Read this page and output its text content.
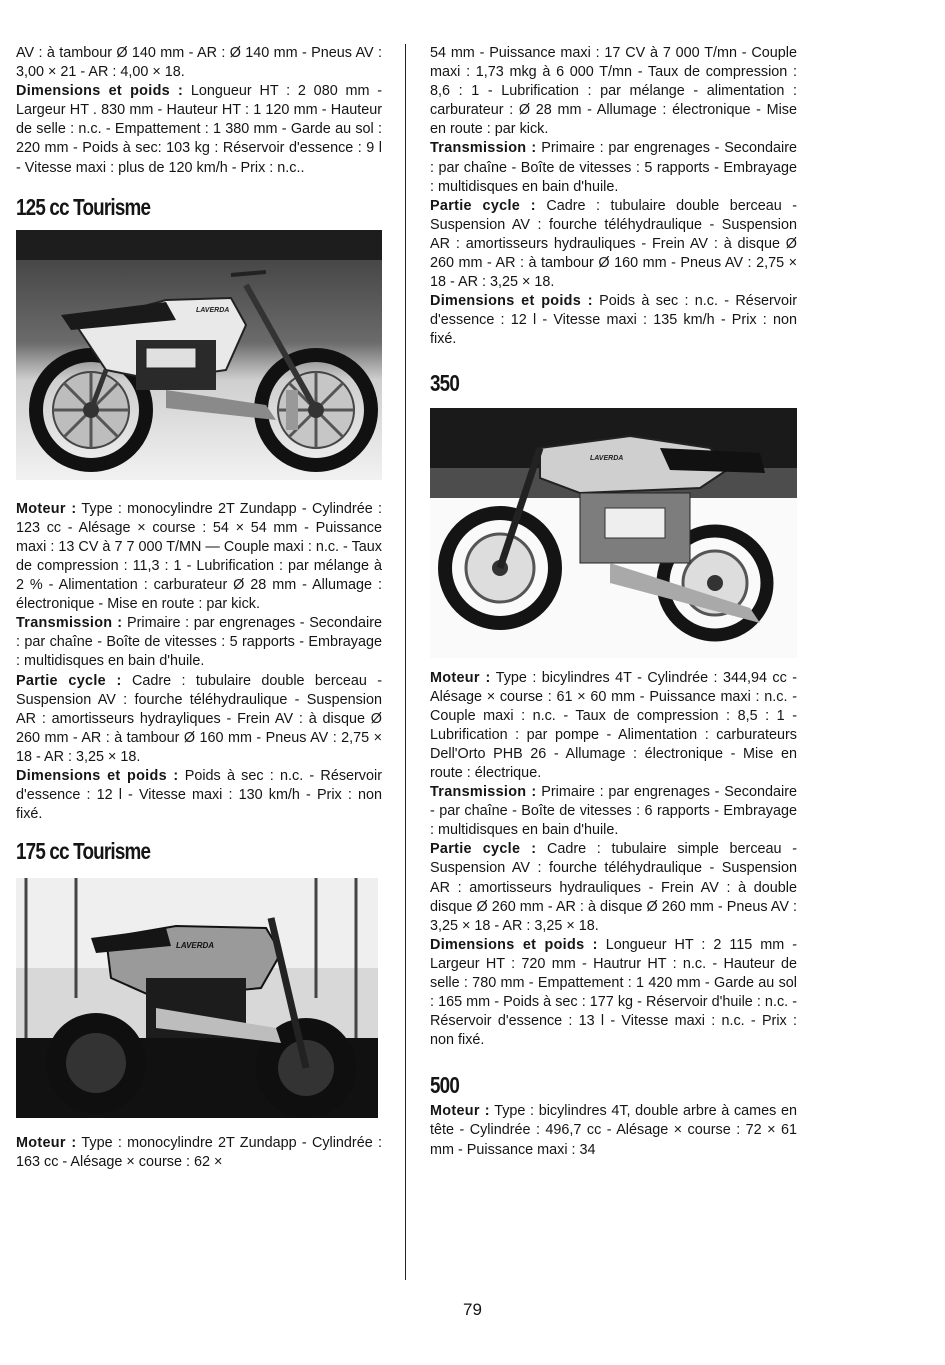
AV : à tambour Ø 140 mm - AR : Ø 140 mm - Pneus AV : 3,00 × 21 - AR : 4,00 × 18.
Dimensions et poids : Longueur HT : 2 080 mm - Largeur HT . 830 mm - Hauteur HT : 1 120 mm - Hauteur de selle : n.c. - Empattement : 1 380 mm - Garde au sol : 220 mm - Poids à sec: 103 kg : Réservoir d'essence : 9 l - Vitesse maxi : plus de 120 km/h - Prix : n.c..

125 cc Tourisme
LAVERDA

Moteur : Type : monocylindre 2T Zundapp - Cylindrée : 123 cc - Alésage × course : 54 × 54 mm - Puissance maxi : 13 CV à 7 7 000 T/MN — Couple maxi : n.c. - Taux de compression : 11,3 : 1 - Lubrification : par mélange à 2 % - Alimentation : carburateur Ø 28 mm - Allumage : électronique - Mise en route : par kick.

Transmission : Primaire : par engrenages - Secondaire : par chaîne - Boîte de vitesses : 5 rapports - Embrayage : multidisques en bain d'huile.

Partie cycle : Cadre : tubulaire double berceau - Suspension AV : fourche téléhydraulique - Suspension AR : amortisseurs hydrayliques - Frein AV : à disque Ø 260 mm - AR : à tambour Ø 160 mm - Pneus AV : 2,75 × 18 - AR : 3,25 × 18.

Dimensions et poids : Poids à sec : n.c. - Réservoir d'essence : 12 l - Vitesse maxi : 130 km/h - Prix : non fixé.

175 cc Tourisme
LAVERDA

Moteur : Type : monocylindre 2T Zundapp - Cylindrée : 163 cc - Alésage × course : 62 ×

54 mm - Puissance maxi : 17 CV à 7 000 T/mn - Couple maxi : 1,73 mkg à 6 000 T/mn - Taux de compression : 8,6 : 1 - Lubrification : par mélange - alimentation : carburateur : Ø 28 mm - Allumage : électronique - Mise en route : par kick.

Transmission : Primaire : par engrenages - Secondaire : par chaîne - Boîte de vitesses : 5 rapports - Embrayage : multidisques en bain d'huile.

Partie cycle : Cadre : tubulaire double berceau - Suspension AV : fourche téléhydraulique - Suspension AR : amortisseurs hydrauliques - Frein AV : à disque Ø 260 mm - AR : à tambour Ø 160 mm - Pneus AV : 2,75 × 18 - AR : 3,25 × 18.

Dimensions et poids : Poids à sec : n.c. - Réservoir d'essence : 12 l - Vitesse maxi : 135 km/h - Prix : non fixé.

350
LAVERDA

Moteur : Type : bicylindres 4T - Cylindrée : 344,94 cc - Alésage × course : 61 × 60 mm - Puissance maxi : n.c. - Couple maxi : n.c. - Taux de compression : 8,5 : 1 - Lubrification : par pompe - Alimentation : carburateurs Dell'Orto PHB 26 - Allumage : électronique - Mise en route : électrique.

Transmission : Primaire : par engrenages - Secondaire - par chaîne - Boîte de vitesses : 6 rapports - Embrayage : multidisques en bain d'huile.

Partie cycle : Cadre : tubulaire simple berceau - Suspension AV : fourche téléhydraulique - Suspension AR : amortisseurs hydrauliques - Frein AV : à double disque Ø 260 mm - AR : à disque Ø 260 mm - Pneus AV : 3,25 × 18 - AR : 3,25 × 18.

Dimensions et poids : Longueur HT : 2 115 mm - Largeur HT : 720 mm - Hautrur HT : n.c. - Hauteur de selle : 780 mm - Empattement : 1 420 mm - Garde au sol : 165 mm - Poids à sec : 177 kg - Réservoir d'huile : n.c. - Réservoir d'essence : 13 l - Vitesse maxi : n.c. - Prix : non fixé.

500

Moteur : Type : bicylindres 4T, double arbre à cames en tête - Cylindrée : 496,7 cc - Alésage × course : 72 × 61 mm - Puissance maxi : 34

79
